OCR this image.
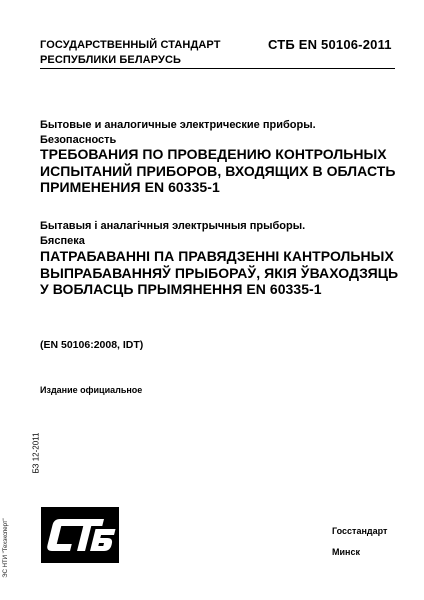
ГОСУДАРСТВЕННЫЙ СТАНДАРТ
РЕСПУБЛИКИ БЕЛАРУСЬ
СТБ EN 50106-2011
Бытовые и аналогичные электрические приборы.
Безопасность
ТРЕБОВАНИЯ ПО ПРОВЕДЕНИЮ КОНТРОЛЬНЫХ
ИСПЫТАНИЙ ПРИБОРОВ, ВХОДЯЩИХ В ОБЛАСТЬ
ПРИМЕНЕНИЯ EN 60335-1
Бытавыя і аналагічныя электрычныя прыборы.
Бяспека
ПАТРАБАВАННІ ПА ПРАВЯДЗЕННІ КАНТРОЛЬНЫХ
ВЫПРАБАВАННЯЎ ПРЫБОРАЎ, ЯКІЯ ЎВАХОДЗЯЦЬ
У ВОБЛАСЦЬ ПРЫМЯНЕННЯ EN 60335-1
(EN 50106:2008, IDT)
Издание официальное
БЗ 12-2011
ЭС НТИ "Техэксперт"	Госстандарт
Минск
